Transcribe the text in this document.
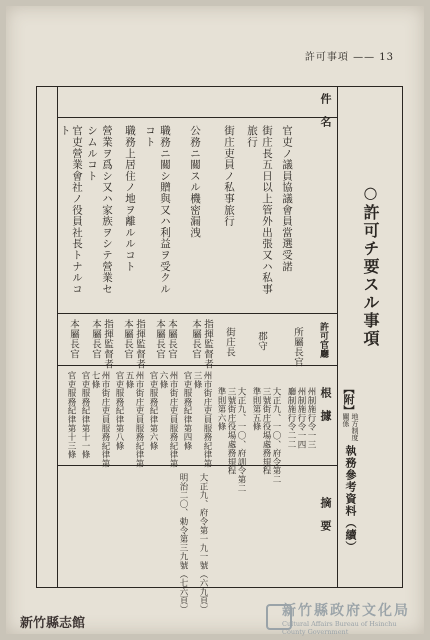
許可事項 —— 13
○許可チ要スル事項
【附】
地方制度
關係
執務參考資料（續）
件名
許可官廳
根據
摘要
官吏ノ議員協議會員當選受諾
所屬長官
州制施行令一三
州制施行令一四
廳制施行令二二
街庄長五日以上管外出張又ハ私事
旅行
郡守
大正九、一〇、府令第二
三號街庄役場處務規程
準則第五條
大正九、府令第一九一號（六九頁）
街庄吏員ノ私事旅行
街庄長
大正九、一〇、府訓令第二
三號街庄役場處務規程
準則第六條
明治二〇、勅令第三九號（七六頁）
公務ニ關スル機密漏洩
指揮監督者
本屬長官
州市街庄吏員服務紀律第
三條
官吏服務紀律第四條
職務ニ關シ贈與又ハ利益ヲ受クル
コト
本屬長官
本屬長官
州市街庄吏員服務紀律第
六條
官吏服務紀律第六條
職務上居住ノ地ヲ離ルルコト
指揮監督者
本屬長官
州市街庄吏員服務紀律第
五條
官吏服務紀律第八條
營業ヲ爲シ又ハ家族ヲシテ營業セ
シムルコト
指揮監督者
本屬長官
州市街庄吏員服務紀律第
七條
官吏服務紀律第十一條
官吏營業會社ノ役員社長トナルコ
ト
本屬長官
官吏服務紀律第十三條
新竹縣志館
新竹縣政府文化局
Cultural Affairs Bureau of Hsinchu
County Government
